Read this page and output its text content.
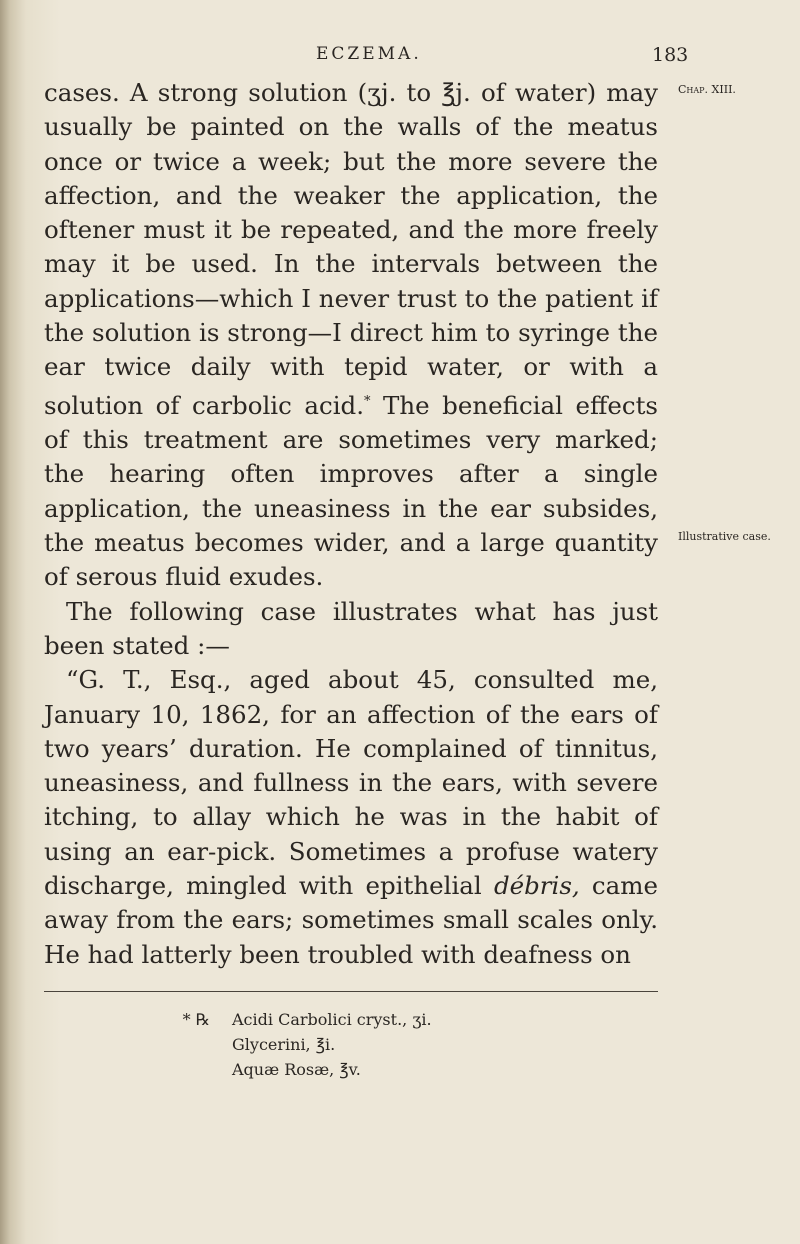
ECZEMA.	183
Chap. XIII.
Illustrative case.

cases. A strong solution (ʒj. to ℥j. of water) may usually be painted on the walls of the meatus once or twice a week; but the more severe the affection, and the weaker the application, the oftener must it be repeated, and the more freely may it be used. In the intervals between the applications—which I never trust to the patient if the solution is strong—I direct him to syringe the ear twice daily with tepid water, or with a solution of carbolic acid.* The beneficial effects of this treatment are sometimes very marked; the hearing often improves after a single application, the uneasiness in the ear subsides, the meatus becomes wider, and a large quantity of serous fluid exudes.

The following case illustrates what has just been stated :—

“G. T., Esq., aged about 45, consulted me, January 10, 1862, for an affection of the ears of two years’ duration. He complained of tinnitus, uneasiness, and fullness in the ears, with severe itching, to allay which he was in the habit of using an ear-pick. Sometimes a profuse watery discharge, mingled with epithelial débris, came away from the ears; sometimes small scales only. He had latterly been troubled with deafness on

* ℞	Acidi Carbolici cryst., ʒi.
Glycerini, ℥i.
Aquæ Rosæ, ℥v.
